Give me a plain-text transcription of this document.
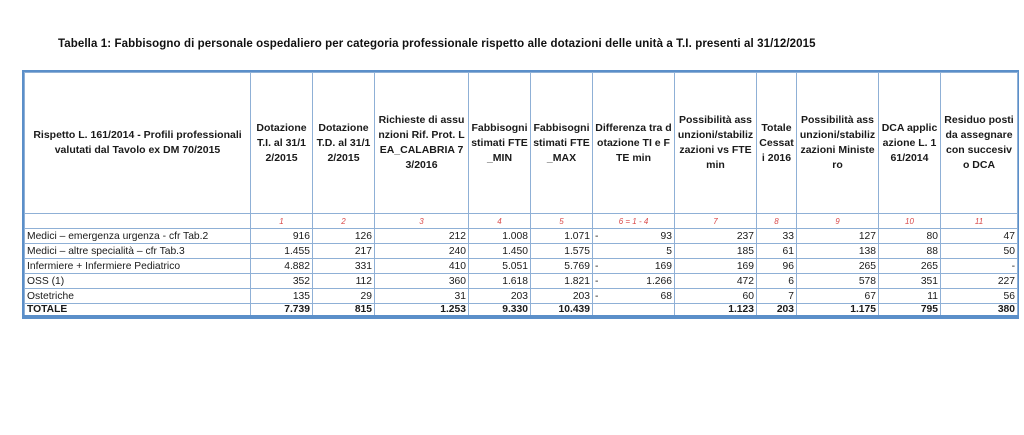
Tabella 1: Fabbisogno di personale ospedaliero per categoria professionale rispetto alle dotazioni delle unità a T.I. presenti al 31/12/2015
Rispetto L. 161/2014 - Profili professionali valutati dal Tavolo ex DM 70/2015	Dotazione T.I. al 31/12/2015	Dotazione T.D. al 31/12/2015	Richieste di assunzioni Rif. Prot. LEA_CALABRIA 73/2016	Fabbisogni stimati FTE_MIN	Fabbisogni stimati FTE_MAX	Differenza tra dotazione TI e FTE min	Possibilità assunzioni/stabilizzazioni vs FTE min	Totale Cessati 2016	Possibilità assunzioni/stabilizzazioni Ministero	DCA applicazione L. 161/2014	Residuo posti da assegnare con succesivo DCA
	1	2	3	4	5	6 = 1 - 4	7	8	9	10	11
Medici – emergenza urgenza - cfr Tab.2	916	126	212	1.008	1.071	- 93	237	33	127	80	47
Medici – altre specialità – cfr Tab.3	1.455	217	240	1.450	1.575	5	185	61	138	88	50
Infermiere + Infermiere Pediatrico	4.882	331	410	5.051	5.769	- 169	169	96	265	265	-
OSS (1)	352	112	360	1.618	1.821	- 1.266	472	6	578	351	227
Ostetriche	135	29	31	203	203	- 68	60	7	67	11	56
TOTALE	7.739	815	1.253	9.330	10.439		1.123	203	1.175	795	380
